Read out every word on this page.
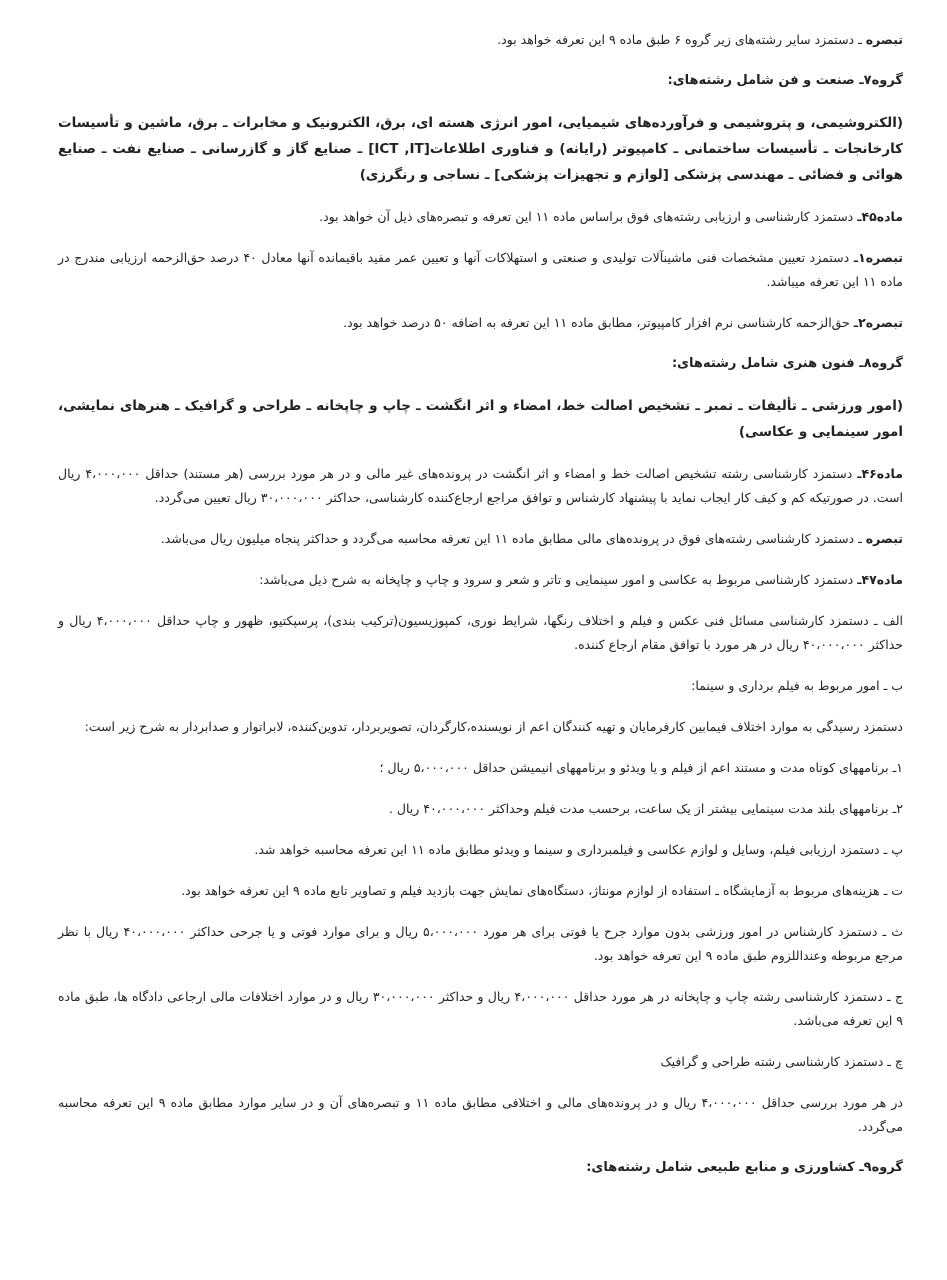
تبصره ـ دستمزد سایر رشته‌های زیر گروه ۶ طبق ماده ۹ این تعرفه خواهد بود.

گروه۷ـ صنعت و فن شامل رشته‌های:

(الکتروشیمی، و پتروشیمی و فرآورده‌های شیمیایی، امور انرژی هسته ای، برق، الکترونیک و مخابرات ـ برق، ماشین و تأسیسات کارخانجات ـ تأسیسات ساختمانی ـ کامپیوتر (رایانه) و فناوری اطلاعات[ICT ,IT] ـ صنایع گاز و گازرسانی ـ صنایع نفت ـ صنایع هوائی و فضائی ـ مهندسی پزشکی [لوازم و تجهیزات پزشکی] ـ نساجی و رنگرزی)

ماده۴۵ـ دستمزد کارشناسی و ارزیابی رشته‌های فوق براساس ماده ۱۱ این تعرفه و تبصره‌های ذیل آن خواهد بود.

تبصره۱ـ دستمزد تعیین مشخصات فنی ماشینآلات تولیدی و صنعتی و استهلاکات آنها و تعیین عمر مفید باقیمانده آنها معادل ۴۰ درصد حق‌الزحمه ارزیابی مندرج در ماده ۱۱ این تعرفه میباشد.

تبصره۲ـ حق‌الزحمه کارشناسی نرم افزار کامپیوتر، مطابق ماده ۱۱ این تعرفه به اضافه ۵۰ درصد خواهد بود.

گروه۸ـ فنون هنری شامل رشته‌های:

(امور ورزشی ـ تألیفات ـ تمبر ـ تشخیص اصالت خط، امضاء و اثر انگشت ـ چاپ و چاپخانه ـ طراحی و گرافیک ـ هنرهای نمایشی، امور سینمایی و عکاسی)

ماده۴۶ـ دستمزد کارشناسی رشته تشخیص اصالت خط و امضاء و اثر انگشت در پرونده‌های غیر مالی و در هر مورد بررسی (هر مستند) حداقل ۴،۰۰۰،۰۰۰ ریال است. در صورتیکه کم و کیف کار ایجاب نماید با پیشنهاد کارشناس و توافق مراجع ارجاع‌کننده کارشناسی، حداکثر ۳۰،۰۰۰،۰۰۰ ریال تعیین می‌گردد.

تبصره ـ دستمزد کارشناسی رشته‌های فوق در پرونده‌های مالی مطابق ماده ۱۱ این تعرفه محاسبه می‌گردد و حداکثر پنجاه میلیون ریال می‌باشد.

ماده۴۷ـ دستمزد کارشناسی مربوط به عکاسی و امور سینمایی و تاتر و شعر و سرود و چاپ و چاپخانه به شرح ذیل می‌باشد:

الف ـ دستمزد کارشناسی مسائل فنی عکس و فیلم و اختلاف رنگها، شرایط نوری، کمپوزیسیون(ترکیب بندی)، پرسپکتیو، ظهور و چاپ حداقل ۴،۰۰۰،۰۰۰ ریال و حداکثر ۴۰،۰۰۰،۰۰۰ ریال در هر مورد با توافق مقام ارجاع کننده.

ب ـ امور مربوط به فیلم برداری و سینما:

دستمزد رسیدگی به موارد اختلاف فیمابین کارفرمایان و تهیه کنندگان اعم از نویسنده،کارگردان، تصویربردار، تدوین‌کننده، لابراتوار و صدابردار به شرح زیر است:

۱ـ برنامههای کوتاه مدت و مستند اعم از فیلم و یا ویدئو و برنامههای انیمیشن حداقل ۵،۰۰۰،۰۰۰ ریال ؛

۲ـ برنامههای بلند مدت سینمایی بیشتر از یک ساعت، برحسب مدت فیلم وحداکثر ۴۰،۰۰۰،۰۰۰ ریال .

پ ـ دستمزد ارزیابی فیلم، وسایل و لوازم عکاسی و فیلمبرداری و سینما و ویدئو مطابق ماده ۱۱ این تعرفه محاسبه خواهد شد.

ت ـ هزینه‌های مربوط به آزمایشگاه ـ استفاده از لوازم مونتاژ، دستگاه‌های نمایش جهت بازدید فیلم و تصاویر تابع ماده ۹ این تعرفه خواهد بود.

ث ـ دستمزد کارشناس در امور ورزشی بدون موارد جرح یا فوتی برای هر مورد ۵،۰۰۰،۰۰۰ ریال و برای موارد فوتی و یا جرحی حداکثر ۴۰،۰۰۰،۰۰۰ ریال با نظر مرجع مربوطه وعنداللزوم طبق ماده ۹ این تعرفه خواهد بود.

ج ـ دستمزد کارشناسی رشته چاپ و چاپخانه در هر مورد حداقل ۴،۰۰۰،۰۰۰ ریال و حداکثر ۳۰،۰۰۰،۰۰۰ ریال و در موارد اختلافات مالی ارجاعی دادگاه ها، طبق ماده ۹ این تعرفه می‌باشد.

چ ـ دستمزد کارشناسی رشته طراحی و گرافیک

در هر مورد بررسی حداقل ۴،۰۰۰،۰۰۰ ریال و در پرونده‌های مالی و اختلافی مطابق ماده ۱۱ و تبصره‌های آن و در سایر موارد مطابق ماده ۹ این تعرفه محاسبه می‌گردد.

گروه۹ـ کشاورزی و منابع طبیعی شامل رشته‌های:
